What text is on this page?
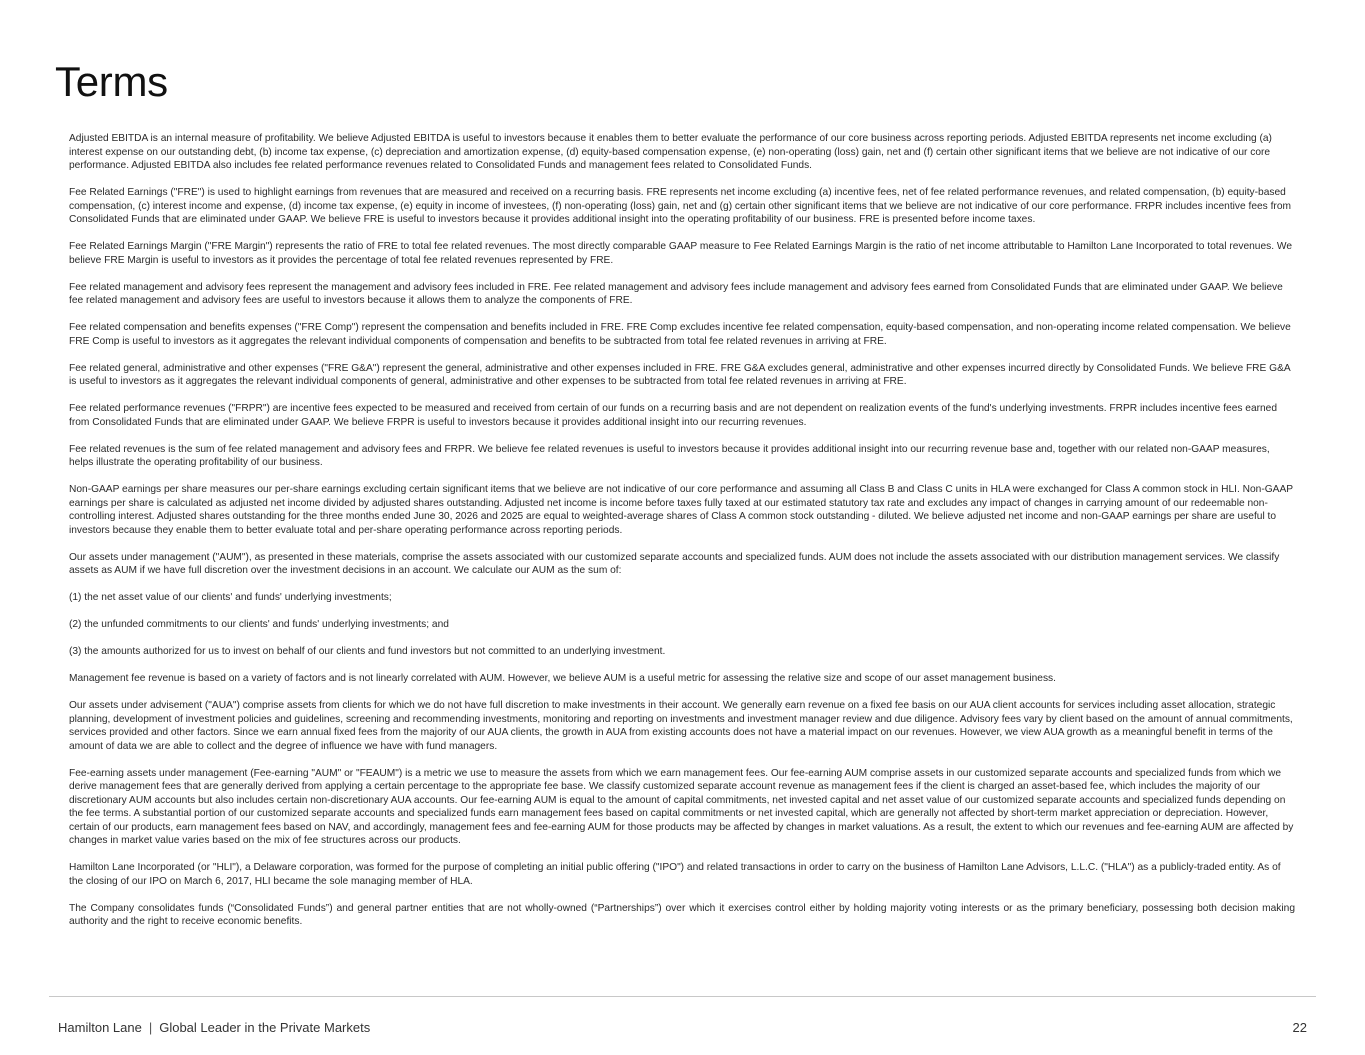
Terms

Adjusted EBITDA is an internal measure of profitability. We believe Adjusted EBITDA is useful to investors because it enables them to better evaluate the performance of our core business across reporting periods. Adjusted EBITDA represents net income excluding (a) interest expense on our outstanding debt, (b) income tax expense, (c) depreciation and amortization expense, (d) equity-based compensation expense, (e) non-operating (loss) gain, net and (f) certain other significant items that we believe are not indicative of our core performance. Adjusted EBITDA also includes fee related performance revenues related to Consolidated Funds and management fees related to Consolidated Funds.

Fee Related Earnings ("FRE") is used to highlight earnings from revenues that are measured and received on a recurring basis. FRE represents net income excluding (a) incentive fees, net of fee related performance revenues, and related compensation, (b) equity-based compensation, (c) interest income and expense, (d) income tax expense, (e) equity in income of investees, (f) non-operating (loss) gain, net and (g) certain other significant items that we believe are not indicative of our core performance. FRPR includes incentive fees from Consolidated Funds that are eliminated under GAAP. We believe FRE is useful to investors because it provides additional insight into the operating profitability of our business. FRE is presented before income taxes.

Fee Related Earnings Margin ("FRE Margin") represents the ratio of FRE to total fee related revenues. The most directly comparable GAAP measure to Fee Related Earnings Margin is the ratio of net income attributable to Hamilton Lane Incorporated to total revenues. We believe FRE Margin is useful to investors as it provides the percentage of total fee related revenues represented by FRE.

Fee related management and advisory fees represent the management and advisory fees included in FRE. Fee related management and advisory fees include management and advisory fees earned from Consolidated Funds that are eliminated under GAAP. We believe fee related management and advisory fees are useful to investors because it allows them to analyze the components of FRE.

Fee related compensation and benefits expenses ("FRE Comp") represent the compensation and benefits included in FRE. FRE Comp excludes incentive fee related compensation, equity-based compensation, and non-operating income related compensation. We believe FRE Comp is useful to investors as it aggregates the relevant individual components of compensation and benefits to be subtracted from total fee related revenues in arriving at FRE.

Fee related general, administrative and other expenses ("FRE G&A") represent the general, administrative and other expenses included in FRE. FRE G&A excludes general, administrative and other expenses incurred directly by Consolidated Funds. We believe FRE G&A is useful to investors as it aggregates the relevant individual components of general, administrative and other expenses to be subtracted from total fee related revenues in arriving at FRE.

Fee related performance revenues ("FRPR") are incentive fees expected to be measured and received from certain of our funds on a recurring basis and are not dependent on realization events of the fund's underlying investments. FRPR includes incentive fees earned from Consolidated Funds that are eliminated under GAAP. We believe FRPR is useful to investors because it provides additional insight into our recurring revenues.

Fee related revenues is the sum of fee related management and advisory fees and FRPR. We believe fee related revenues is useful to investors because it provides additional insight into our recurring revenue base and, together with our related non-GAAP measures, helps illustrate the operating profitability of our business.

Non-GAAP earnings per share measures our per-share earnings excluding certain significant items that we believe are not indicative of our core performance and assuming all Class B and Class C units in HLA were exchanged for Class A common stock in HLI. Non-GAAP earnings per share is calculated as adjusted net income divided by adjusted shares outstanding. Adjusted net income is income before taxes fully taxed at our estimated statutory tax rate and excludes any impact of changes in carrying amount of our redeemable non-controlling interest. Adjusted shares outstanding for the three months ended June 30, 2026 and 2025 are equal to weighted-average shares of Class A common stock outstanding - diluted. We believe adjusted net income and non-GAAP earnings per share are useful to investors because they enable them to better evaluate total and per-share operating performance across reporting periods.

Our assets under management ("AUM"), as presented in these materials, comprise the assets associated with our customized separate accounts and specialized funds. AUM does not include the assets associated with our distribution management services. We classify assets as AUM if we have full discretion over the investment decisions in an account. We calculate our AUM as the sum of:

(1) the net asset value of our clients' and funds' underlying investments;

(2) the unfunded commitments to our clients' and funds' underlying investments; and

(3) the amounts authorized for us to invest on behalf of our clients and fund investors but not committed to an underlying investment.

Management fee revenue is based on a variety of factors and is not linearly correlated with AUM. However, we believe AUM is a useful metric for assessing the relative size and scope of our asset management business.

Our assets under advisement ("AUA") comprise assets from clients for which we do not have full discretion to make investments in their account. We generally earn revenue on a fixed fee basis on our AUA client accounts for services including asset allocation, strategic planning, development of investment policies and guidelines, screening and recommending investments, monitoring and reporting on investments and investment manager review and due diligence. Advisory fees vary by client based on the amount of annual commitments, services provided and other factors. Since we earn annual fixed fees from the majority of our AUA clients, the growth in AUA from existing accounts does not have a material impact on our revenues. However, we view AUA growth as a meaningful benefit in terms of the amount of data we are able to collect and the degree of influence we have with fund managers.

Fee-earning assets under management (Fee-earning "AUM" or "FEAUM") is a metric we use to measure the assets from which we earn management fees. Our fee-earning AUM comprise assets in our customized separate accounts and specialized funds from which we derive management fees that are generally derived from applying a certain percentage to the appropriate fee base. We classify customized separate account revenue as management fees if the client is charged an asset-based fee, which includes the majority of our discretionary AUM accounts but also includes certain non-discretionary AUA accounts. Our fee-earning AUM is equal to the amount of capital commitments, net invested capital and net asset value of our customized separate accounts and specialized funds depending on the fee terms. A substantial portion of our customized separate accounts and specialized funds earn management fees based on capital commitments or net invested capital, which are generally not affected by short-term market appreciation or depreciation. However, certain of our products, earn management fees based on NAV, and accordingly, management fees and fee-earning AUM for those products may be affected by changes in market valuations. As a result, the extent to which our revenues and fee-earning AUM are affected by changes in market value varies based on the mix of fee structures across our products.

Hamilton Lane Incorporated (or "HLI"), a Delaware corporation, was formed for the purpose of completing an initial public offering ("IPO") and related transactions in order to carry on the business of Hamilton Lane Advisors, L.L.C. ("HLA") as a publicly-traded entity. As of the closing of our IPO on March 6, 2017, HLI became the sole managing member of HLA.

The Company consolidates funds (“Consolidated Funds”) and general partner entities that are not wholly-owned (“Partnerships”) over which it exercises control either by holding majority voting interests or as the primary beneficiary, possessing both decision making authority and the right to receive economic benefits.

Hamilton Lane | Global Leader in the Private Markets	22
